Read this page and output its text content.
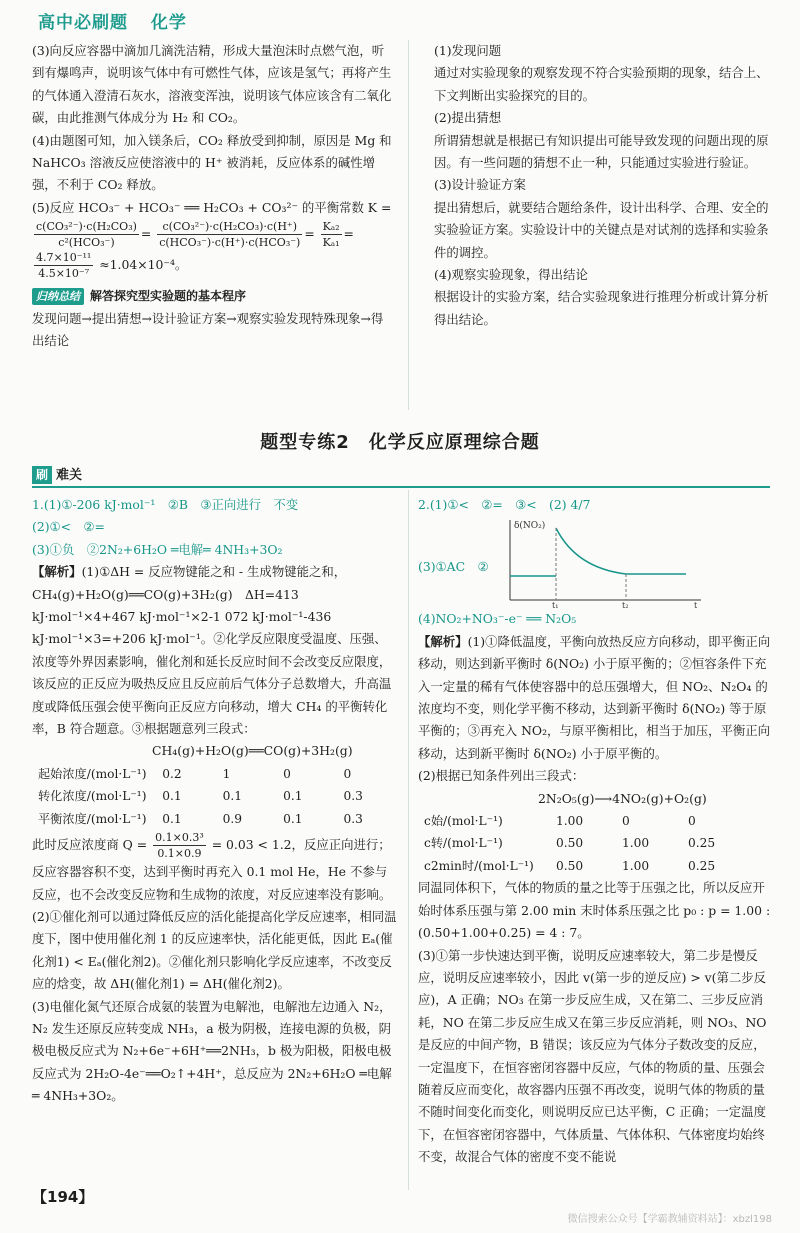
高中必刷题 化学

(3)向反应容器中滴加几滴洗洁精，形成大量泡沫时点燃气泡，听到有爆鸣声，说明该气体中有可燃性气体，应该是氢气；再将产生的气体通入澄清石灰水，溶液变浑浊，说明该气体应该含有二氧化碳，由此推测气体成分为 H₂ 和 CO₂。

(4)由题图可知，加入镁条后，CO₂ 释放受到抑制，原因是 Mg 和 NaHCO₃ 溶液反应使溶液中的 H⁺ 被消耗，反应体系的碱性增强，不利于 CO₂ 释放。

(5)反应 HCO₃⁻ + HCO₃⁻ ══ H₂CO₃ + CO₃²⁻ 的平衡常数 K =

$\frac{\text{c(CO₃²⁻)·c(H₂CO₃)}}{\text{c²(HCO₃⁻)}} = \frac{\text{c(CO₃²⁻)·c(H₂CO₃)·c(H⁺)}}{\text{c(HCO₃⁻)·c(H⁺)·c(HCO₃⁻)}} = \frac{\text{Kₐ₂}}{\text{Kₐ₁}}$ =

$\frac{\text{4.7×10⁻¹¹}}{\text{4.5×10⁻⁷}} \approx 1.04\times 10^{-4}$。

归纳总结 解答探究型实验题的基本程序

发现问题→提出猜想→设计验证方案→观察实验发现特殊现象→得出结论

(1)发现问题

通过对实验现象的观察发现不符合实验预期的现象，结合上、下文判断出实验探究的目的。

(2)提出猜想

所谓猜想就是根据已有知识提出可能导致发现的问题出现的原因。有一些问题的猜想不止一种，只能通过实验进行验证。

(3)设计验证方案

提出猜想后，就要结合题给条件，设计出科学、合理、安全的实验验证方案。实验设计中的关键点是对试剂的选择和实验条件的调控。

(4)观察实验现象，得出结论

根据设计的实验方案，结合实验现象进行推理分析或计算分析得出结论。

题型专练2　化学反应原理综合题
刷 难关

1.(1)①-206 kJ·mol⁻¹　②B　③正向进行　不变

(2)①<　②=

(3)①负　②2N₂+6H₂O ═电解═ 4NH₃+3O₂

【解析】(1)①ΔH = 反应物键能之和 - 生成物键能之和，CH₄(g)+H₂O(g)══CO(g)+3H₂(g)　ΔH=413 kJ·mol⁻¹×4+467 kJ·mol⁻¹×2-1 072 kJ·mol⁻¹-436 kJ·mol⁻¹×3=+206 kJ·mol⁻¹。②化学反应限度受温度、压强、浓度等外界因素影响，催化剂和延长反应时间不会改变反应限度，该反应的正反应为吸热反应且反应前后气体分子总数增大，升高温度或降低压强会使平衡向正反应方向移动，增大 CH₄ 的平衡转化率，B 符合题意。③根据题意列三段式：

CH₄(g)+H₂O(g)══CO(g)+3H₂(g)

起始浓度/(mol·L⁻¹)	0.2	1	0	0
转化浓度/(mol·L⁻¹)	0.1	0.1	0.1	0.3
平衡浓度/(mol·L⁻¹)	0.1	0.9	0.1	0.3

此时反应浓度商 $Q = \frac{\text{0.1×0.3³}}{0.1\times 0.9} = 0.03 < 1.2$，反应正向进行；反应容器容积不变，达到平衡时再充入 0.1 mol He，He 不参与反应，也不会改变反应物和生成物的浓度，对反应速率没有影响。

(2)①催化剂可以通过降低反应的活化能提高化学反应速率，相同温度下，图中使用催化剂 1 的反应速率快，活化能更低，因此 Eₐ(催化剂1) < Eₐ(催化剂2)。②催化剂只影响化学反应速率，不改变反应的焓变，故 ΔH(催化剂1) = ΔH(催化剂2)。

(3)电催化氮气还原合成氨的装置为电解池，电解池左边通入 N₂，N₂ 发生还原反应转变成 NH₃，a 极为阴极，连接电源的负极，阴极电极反应式为 N₂+6e⁻+6H⁺══2NH₃，b 极为阳极，阳极电极反应式为 2H₂O-4e⁻══O₂↑+4H⁺，总反应为 2N₂+6H₂O ═电解═ 4NH₃+3O₂。

2.(1)①<　②=　③<　(2) 4/7

(3)①AC　②
δ(NO₂)
t₁	t₂	t

(4)NO₂+NO₃⁻-e⁻ ══ N₂O₅

【解析】(1)①降低温度，平衡向放热反应方向移动，即平衡正向移动，则达到新平衡时 δ(NO₂) 小于原平衡的；②恒容条件下充入一定量的稀有气体使容器中的总压强增大，但 NO₂、N₂O₄ 的浓度均不变，则化学平衡不移动，达到新平衡时 δ(NO₂) 等于原平衡的；③再充入 NO₂，与原平衡相比，相当于加压，平衡正向移动，达到新平衡时 δ(NO₂) 小于原平衡的。

(2)根据已知条件列出三段式：

2N₂O₅(g)⟶4NO₂(g)+O₂(g)

c始/(mol·L⁻¹)	1.00	0	0
c转/(mol·L⁻¹)	0.50	1.00	0.25
c2min时/(mol·L⁻¹)	0.50	1.00	0.25

同温同体积下，气体的物质的量之比等于压强之比，所以反应开始时体系压强与第 2.00 min 末时体系压强之比 p₀ : p = 1.00 : (0.50+1.00+0.25) = 4 : 7。

(3)①第一步快速达到平衡，说明反应速率较大，第二步是慢反应，说明反应速率较小，因此 v(第一步的逆反应) > v(第二步反应)，A 正确；NO₃ 在第一步反应生成，又在第二、三步反应消耗，NO 在第二步反应生成又在第三步反应消耗，则 NO₃、NO 是反应的中间产物，B 错误；该反应为气体分子数改变的反应，一定温度下，在恒容密闭容器中反应，气体的物质的量、压强会随着反应而变化，故容器内压强不再改变，说明气体的物质的量不随时间变化而变化，则说明反应已达平衡，C 正确；一定温度下，在恒容密闭容器中，气体质量、气体体积、气体密度均始终不变，故混合气体的密度不变不能说

【194】
微信搜索公众号【学霸教辅资料站】：xbzl198
